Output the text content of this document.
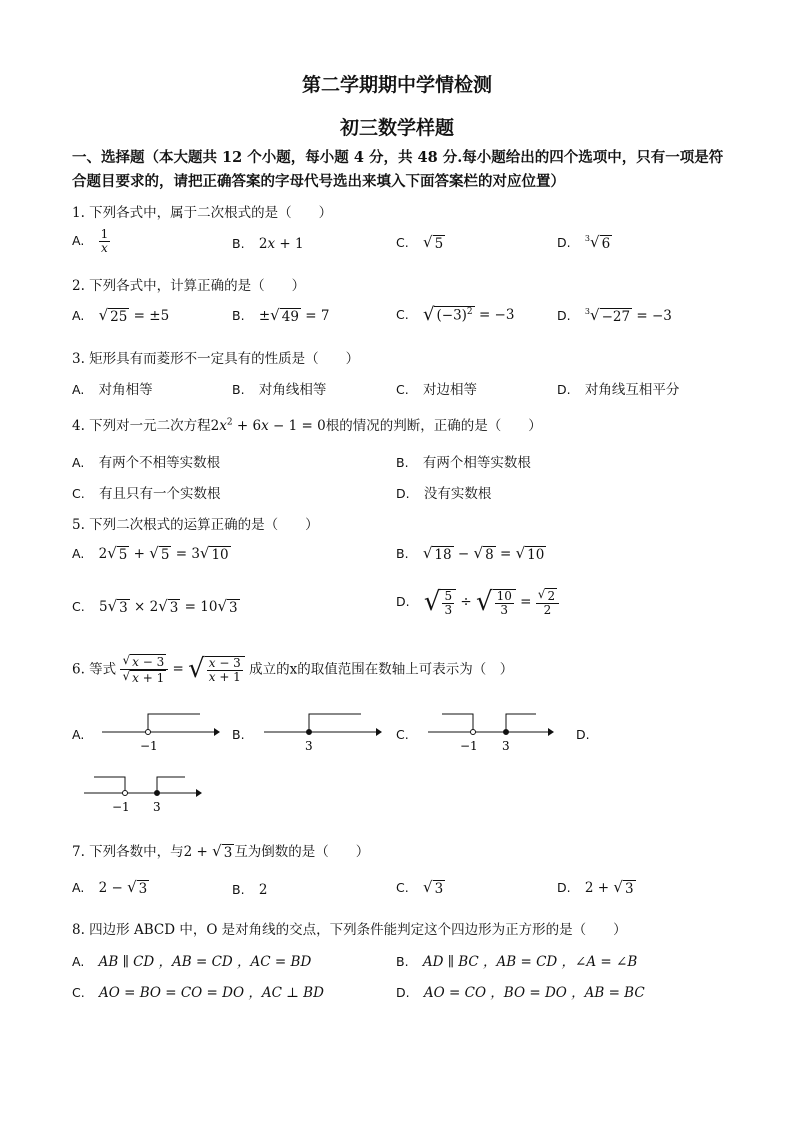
第二学期期中学情检测
初三数学样题
一、选择题（本大题共 12 个小题，每小题 4 分，共 48 分.每小题给出的四个选项中，只有一项是符合题目要求的，请把正确答案的字母代号选出来填入下面答案栏的对应位置）
1. 下列各式中，属于二次根式的是（　　）
A. $\frac{1}{x}$	B. 2x + 1	C. √ 5	D. $^3$√ 6
2. 下列各式中，计算正确的是（　　）
A. √ 25 = ±5	B. ± √ 49 = 7	C. √ $(-3)^2 = -3$	D. $^3$√ −27 = −3
3. 矩形具有而菱形不一定具有的性质是（　　）
A. 对角相等	B. 对角线相等	C. 对边相等	D. 对角线互相平分
4. 下列对一元二次方程$2x^2 + 6x - 1 = 0$根的情况的判断，正确的是（　　）
A. 有两个不相等实数根	B. 有两个相等实数根
C. 有且只有一个实数根	D. 没有实数根
5. 下列二次根式的运算正确的是（　　）
A. 2 √ 5 + √ 5 = 3 √ 10	B. √ 18 − √ 8 = √ 10
C. 5 √ 3 × 2 √ 3 = 10 √ 3	D. √ $\frac{5}{3}$ ÷ √ $\frac{10}{3} = \frac{√ 2}{2}$
6. 等式 $\frac{√ x - 3}{√ x + 1}$ = √ $\frac{x - 3}{x + 1}$ 成立的x的取值范围在数轴上可表示为（　）
A.
−1
B.
3
C.
−1 3
D.
−1 3
7. 下列各数中，与2 + √ 3 互为倒数的是（　　）
A. 2 − √ 3	B. 2	C. √ 3	D. 2 + √ 3
8. 四边形 ABCD 中，O 是对角线的交点，下列条件能判定这个四边形为正方形的是（　　）
A. AB ∥ CD ，AB = CD ，AC = BD	B. AD ∥ BC ，AB = CD ，∠A = ∠B
C. AO = BO = CO = DO ，AC ⊥ BD	D. AO = CO ，BO = DO ，AB = BC
